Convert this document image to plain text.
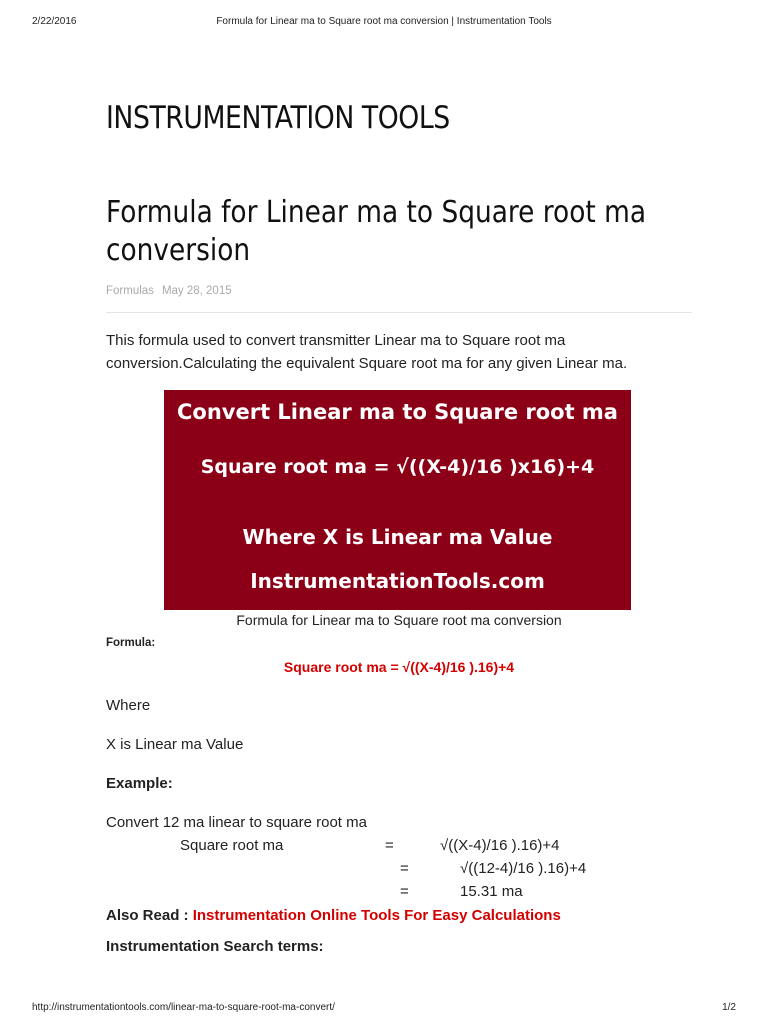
2/22/2016	Formula for Linear ma to Square root ma conversion | Instrumentation Tools
INSTRUMENTATION TOOLS
Formula for Linear ma to Square root ma conversion
Formulas May 28, 2015

This formula used to convert transmitter Linear ma to Square root ma conversion.Calculating the equivalent Square root ma for any given Linear ma.

Convert Linear ma to Square root ma
Square root ma = √((X-4)/16 )x16)+4
Where X is Linear ma Value
InstrumentationTools.com
Formula for Linear ma to Square root ma conversion
Formula:
Square root ma = √((X-4)/16 ).16)+4
Where
X is Linear ma Value
Example:
Convert 12 ma linear to square root ma
Square root ma	=	√((X-4)/16 ).16)+4
=	√((12-4)/16 ).16)+4
=	15.31 ma
Also Read : Instrumentation Online Tools For Easy Calculations
Instrumentation Search terms:
http://instrumentationtools.com/linear-ma-to-square-root-ma-convert/	1/2
